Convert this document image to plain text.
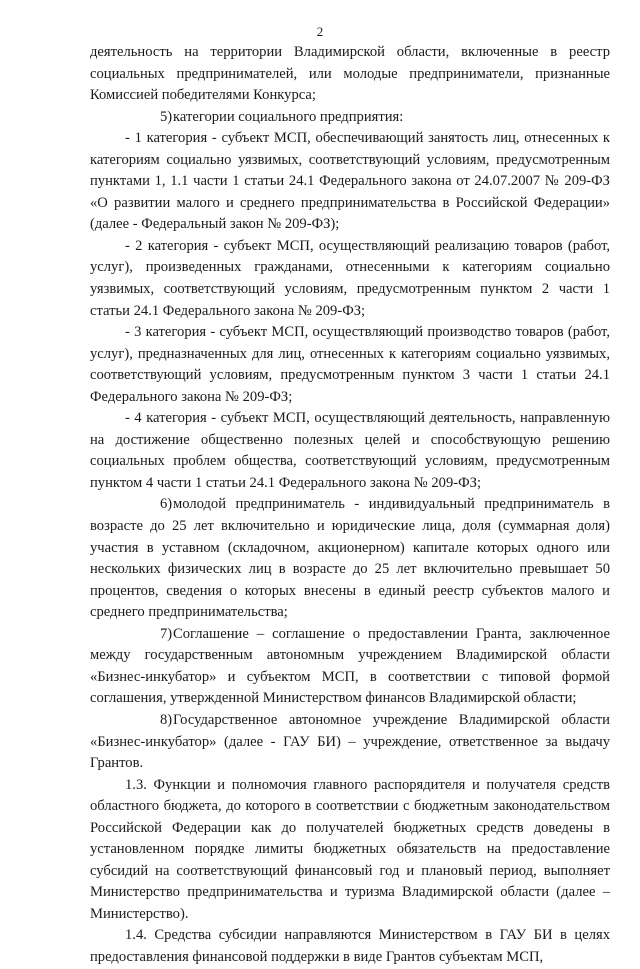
2

деятельность на территории Владимирской области, включенные в реестр социальных предпринимателей, или молодые предприниматели, признанные Комиссией победителями Конкурса;

5)категории социального предприятия:

- 1 категория - субъект МСП, обеспечивающий занятость лиц, отнесенных к категориям социально уязвимых, соответствующий условиям, предусмотренным пунктами 1, 1.1 части 1 статьи 24.1 Федерального закона от 24.07.2007 № 209-ФЗ «О развитии малого и среднего предпринимательства в Российской Федерации» (далее - Федеральный закон № 209-ФЗ);

- 2 категория - субъект МСП, осуществляющий реализацию товаров (работ, услуг), произведенных гражданами, отнесенными к категориям социально уязвимых, соответствующий условиям, предусмотренным пунктом 2 части 1 статьи 24.1 Федерального закона № 209-ФЗ;

- 3 категория - субъект МСП, осуществляющий производство товаров (работ, услуг), предназначенных для лиц, отнесенных к категориям социально уязвимых, соответствующий условиям, предусмотренным пунктом 3 части 1 статьи 24.1 Федерального закона № 209-ФЗ;

- 4 категория - субъект МСП, осуществляющий деятельность, направленную на достижение общественно полезных целей и способствующую решению социальных проблем общества, соответствующий условиям, предусмотренным пунктом 4 части 1 статьи 24.1 Федерального закона № 209-ФЗ;

6)молодой предприниматель - индивидуальный предприниматель в возрасте до 25 лет включительно и юридические лица, доля (суммарная доля) участия в уставном (складочном, акционерном) капитале которых одного или нескольких физических лиц в возрасте до 25 лет включительно превышает 50 процентов, сведения о которых внесены в единый реестр субъектов малого и среднего предпринимательства;

7)Соглашение – соглашение о предоставлении Гранта, заключенное между государственным автономным учреждением Владимирской области «Бизнес-инкубатор» и субъектом МСП, в соответствии с типовой формой соглашения, утвержденной Министерством финансов Владимирской области;

8)Государственное автономное учреждение Владимирской области «Бизнес-инкубатор» (далее - ГАУ БИ) – учреждение, ответственное за выдачу Грантов.

1.3. Функции и полномочия главного распорядителя и получателя средств областного бюджета, до которого в соответствии с бюджетным законодательством Российской Федерации как до получателей бюджетных средств доведены в установленном порядке лимиты бюджетных обязательств на предоставление субсидий на соответствующий финансовый год и плановый период, выполняет Министерство предпринимательства и туризма Владимирской области (далее – Министерство).

1.4. Средства субсидии направляются Министерством в ГАУ БИ в целях предоставления финансовой поддержки в виде Грантов субъектам МСП,
